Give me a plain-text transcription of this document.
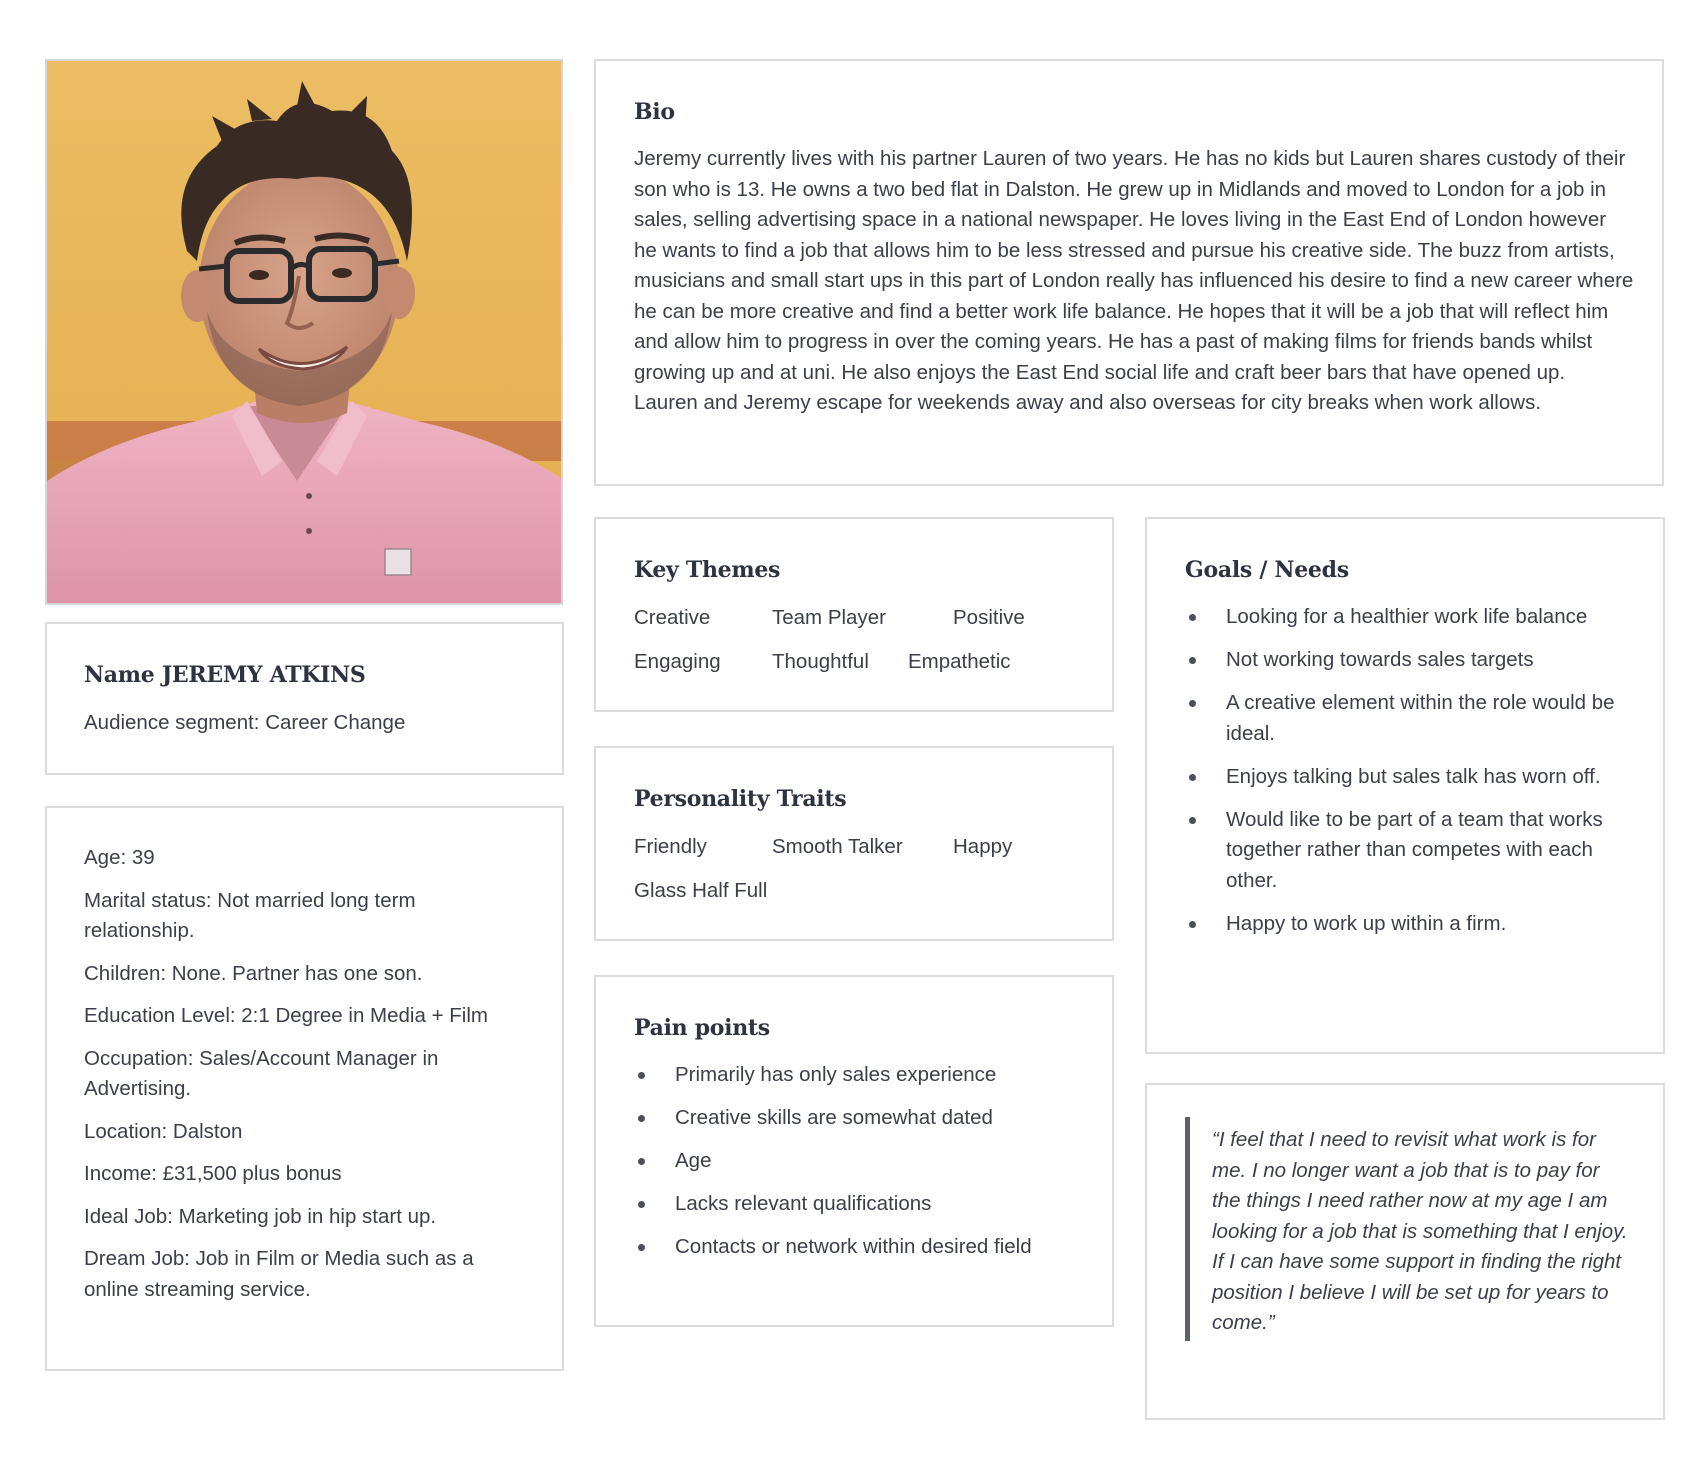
Name JEREMY ATKINS
Audience segment: Career Change
Age: 39
Marital status: Not married long term relationship.
Children: None. Partner has one son.
Education Level: 2:1 Degree in Media + Film
Occupation: Sales/Account Manager in Advertising.
Location: Dalston
Income: £31,500 plus bonus
Ideal Job: Marketing job in hip start up.
Dream Job: Job in Film or Media such as a online streaming service.
Bio
Jeremy currently lives with his partner Lauren of two years. He has no kids but Lauren shares custody of their son who is 13. He owns a two bed flat in Dalston. He grew up in Midlands and moved to London for a job in sales, selling advertising space in a national newspaper. He loves living in the East End of London however he wants to find a job that allows him to be less stressed and pursue his creative side. The buzz from artists, musicians and small start ups in this part of London really has influenced his desire to find a new career where he can be more creative and find a better work life balance. He hopes that it will be a job that will reflect him and allow him to progress in over the coming years. He has a past of making films for friends bands whilst growing up and at uni. He also enjoys the East End social life and craft beer bars that have opened up. Lauren and Jeremy escape for weekends away and also overseas for city breaks when work allows.
Key Themes
Creative	Team Player	Positive
Engaging	Thoughtful Empathetic
Personality Traits
Friendly	Smooth Talker Happy
Glass Half Full
Pain points
Primarily has only sales experience
Creative skills are somewhat dated
Age
Lacks relevant qualifications
Contacts or network within desired field
Goals / Needs
Looking for a healthier work life balance
Not working towards sales targets
A creative element within the role would be ideal.
Enjoys talking but sales talk has worn off.
Would like to be part of a team that works together rather than competes with each other.
Happy to work up within a firm.
“I feel that I need to revisit what work is for me. I no longer want a job that is to pay for the things I need rather now at my age I am looking for a job that is something that I enjoy. If I can have some support in finding the right position I believe I will be set up for years to come.”
